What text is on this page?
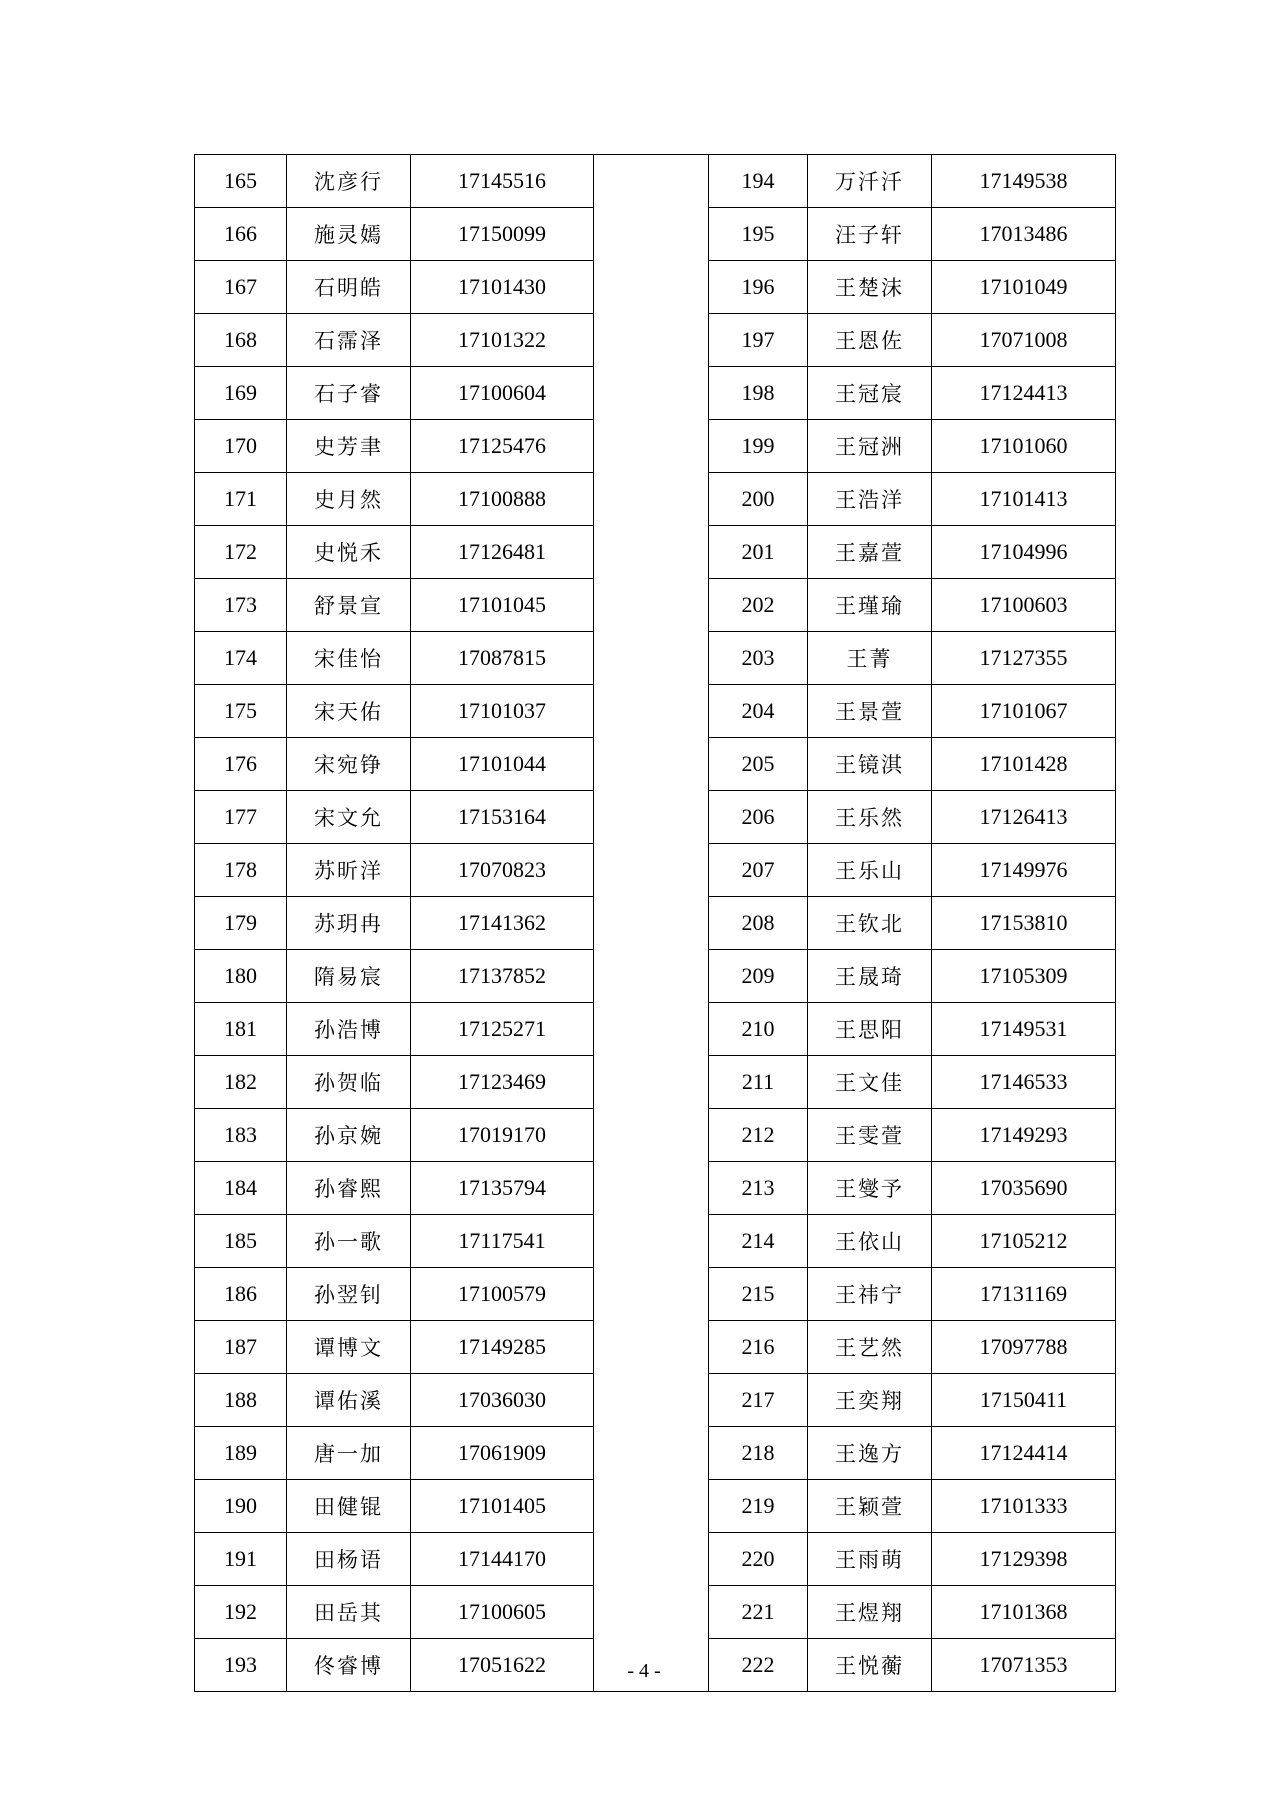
165	沈彦行	17145516		194	万汘汘	17149538
166	施灵嫣	17150099		195	汪子轩	17013486
167	石明皓	17101430		196	王楚沫	17101049
168	石霈泽	17101322		197	王恩佐	17071008
169	石子睿	17100604		198	王冠宸	17124413
170	史芳聿	17125476		199	王冠洲	17101060
171	史月然	17100888		200	王浩洋	17101413
172	史悦禾	17126481		201	王嘉萱	17104996
173	舒景宣	17101045		202	王瑾瑜	17100603
174	宋佳怡	17087815		203	王菁	17127355
175	宋天佑	17101037		204	王景萱	17101067
176	宋宛铮	17101044		205	王镜淇	17101428
177	宋文允	17153164		206	王乐然	17126413
178	苏昕洋	17070823		207	王乐山	17149976
179	苏玥冉	17141362		208	王钦北	17153810
180	隋易宸	17137852		209	王晟琦	17105309
181	孙浩博	17125271		210	王思阳	17149531
182	孙贺临	17123469		211	王文佳	17146533
183	孙京婉	17019170		212	王雯萱	17149293
184	孙睿熙	17135794		213	王燮予	17035690
185	孙一歌	17117541		214	王依山	17105212
186	孙翌钊	17100579		215	王祎宁	17131169
187	谭博文	17149285		216	王艺然	17097788
188	谭佑溪	17036030		217	王奕翔	17150411
189	唐一加	17061909		218	王逸方	17124414
190	田健锟	17101405		219	王颖萱	17101333
191	田杨语	17144170		220	王雨萌	17129398
192	田岳其	17100605		221	王煜翔	17101368
193	佟睿博	17051622		222	王悦蘅	17071353
- 4 -
